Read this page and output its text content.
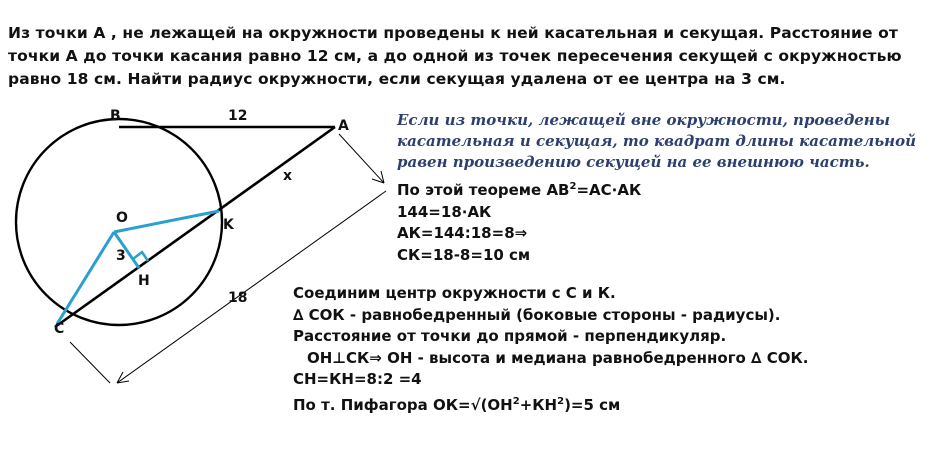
Из точки А , не лежащей на окружности проведены к ней касательная и секущая. Расстояние от
точки А до точки касания равно 12 см, а до одной из точек пересечения секущей с окружностью
равно 18 см. Найти радиус окружности, если секущая удалена от ее центра на 3 см.
B	12
A
x
O	K
3
H
18
C
Если из точки, лежащей вне окружности, проведены
касательная и секущая, то квадрат длины касательной
равен произведению секущей на ее внешнюю часть.
По этой теореме $АВ^2=АС\cdot АК$
144=18∙АК
АК=144:18=8⇒
СК=18-8=10 см
Соединим центр окружности с С и К.
∆ СОК - равнобедренный (боковые стороны - радиусы).
Расстояние от точки до прямой - перпендикуляр.
ОН⊥СК⇒ ОН - высота и медиана равнобедренного ∆ СОК.
СН=КН=8:2 =4
По т. Пифагора $ОК=√(ОН^2+КН^2)=5$ см
